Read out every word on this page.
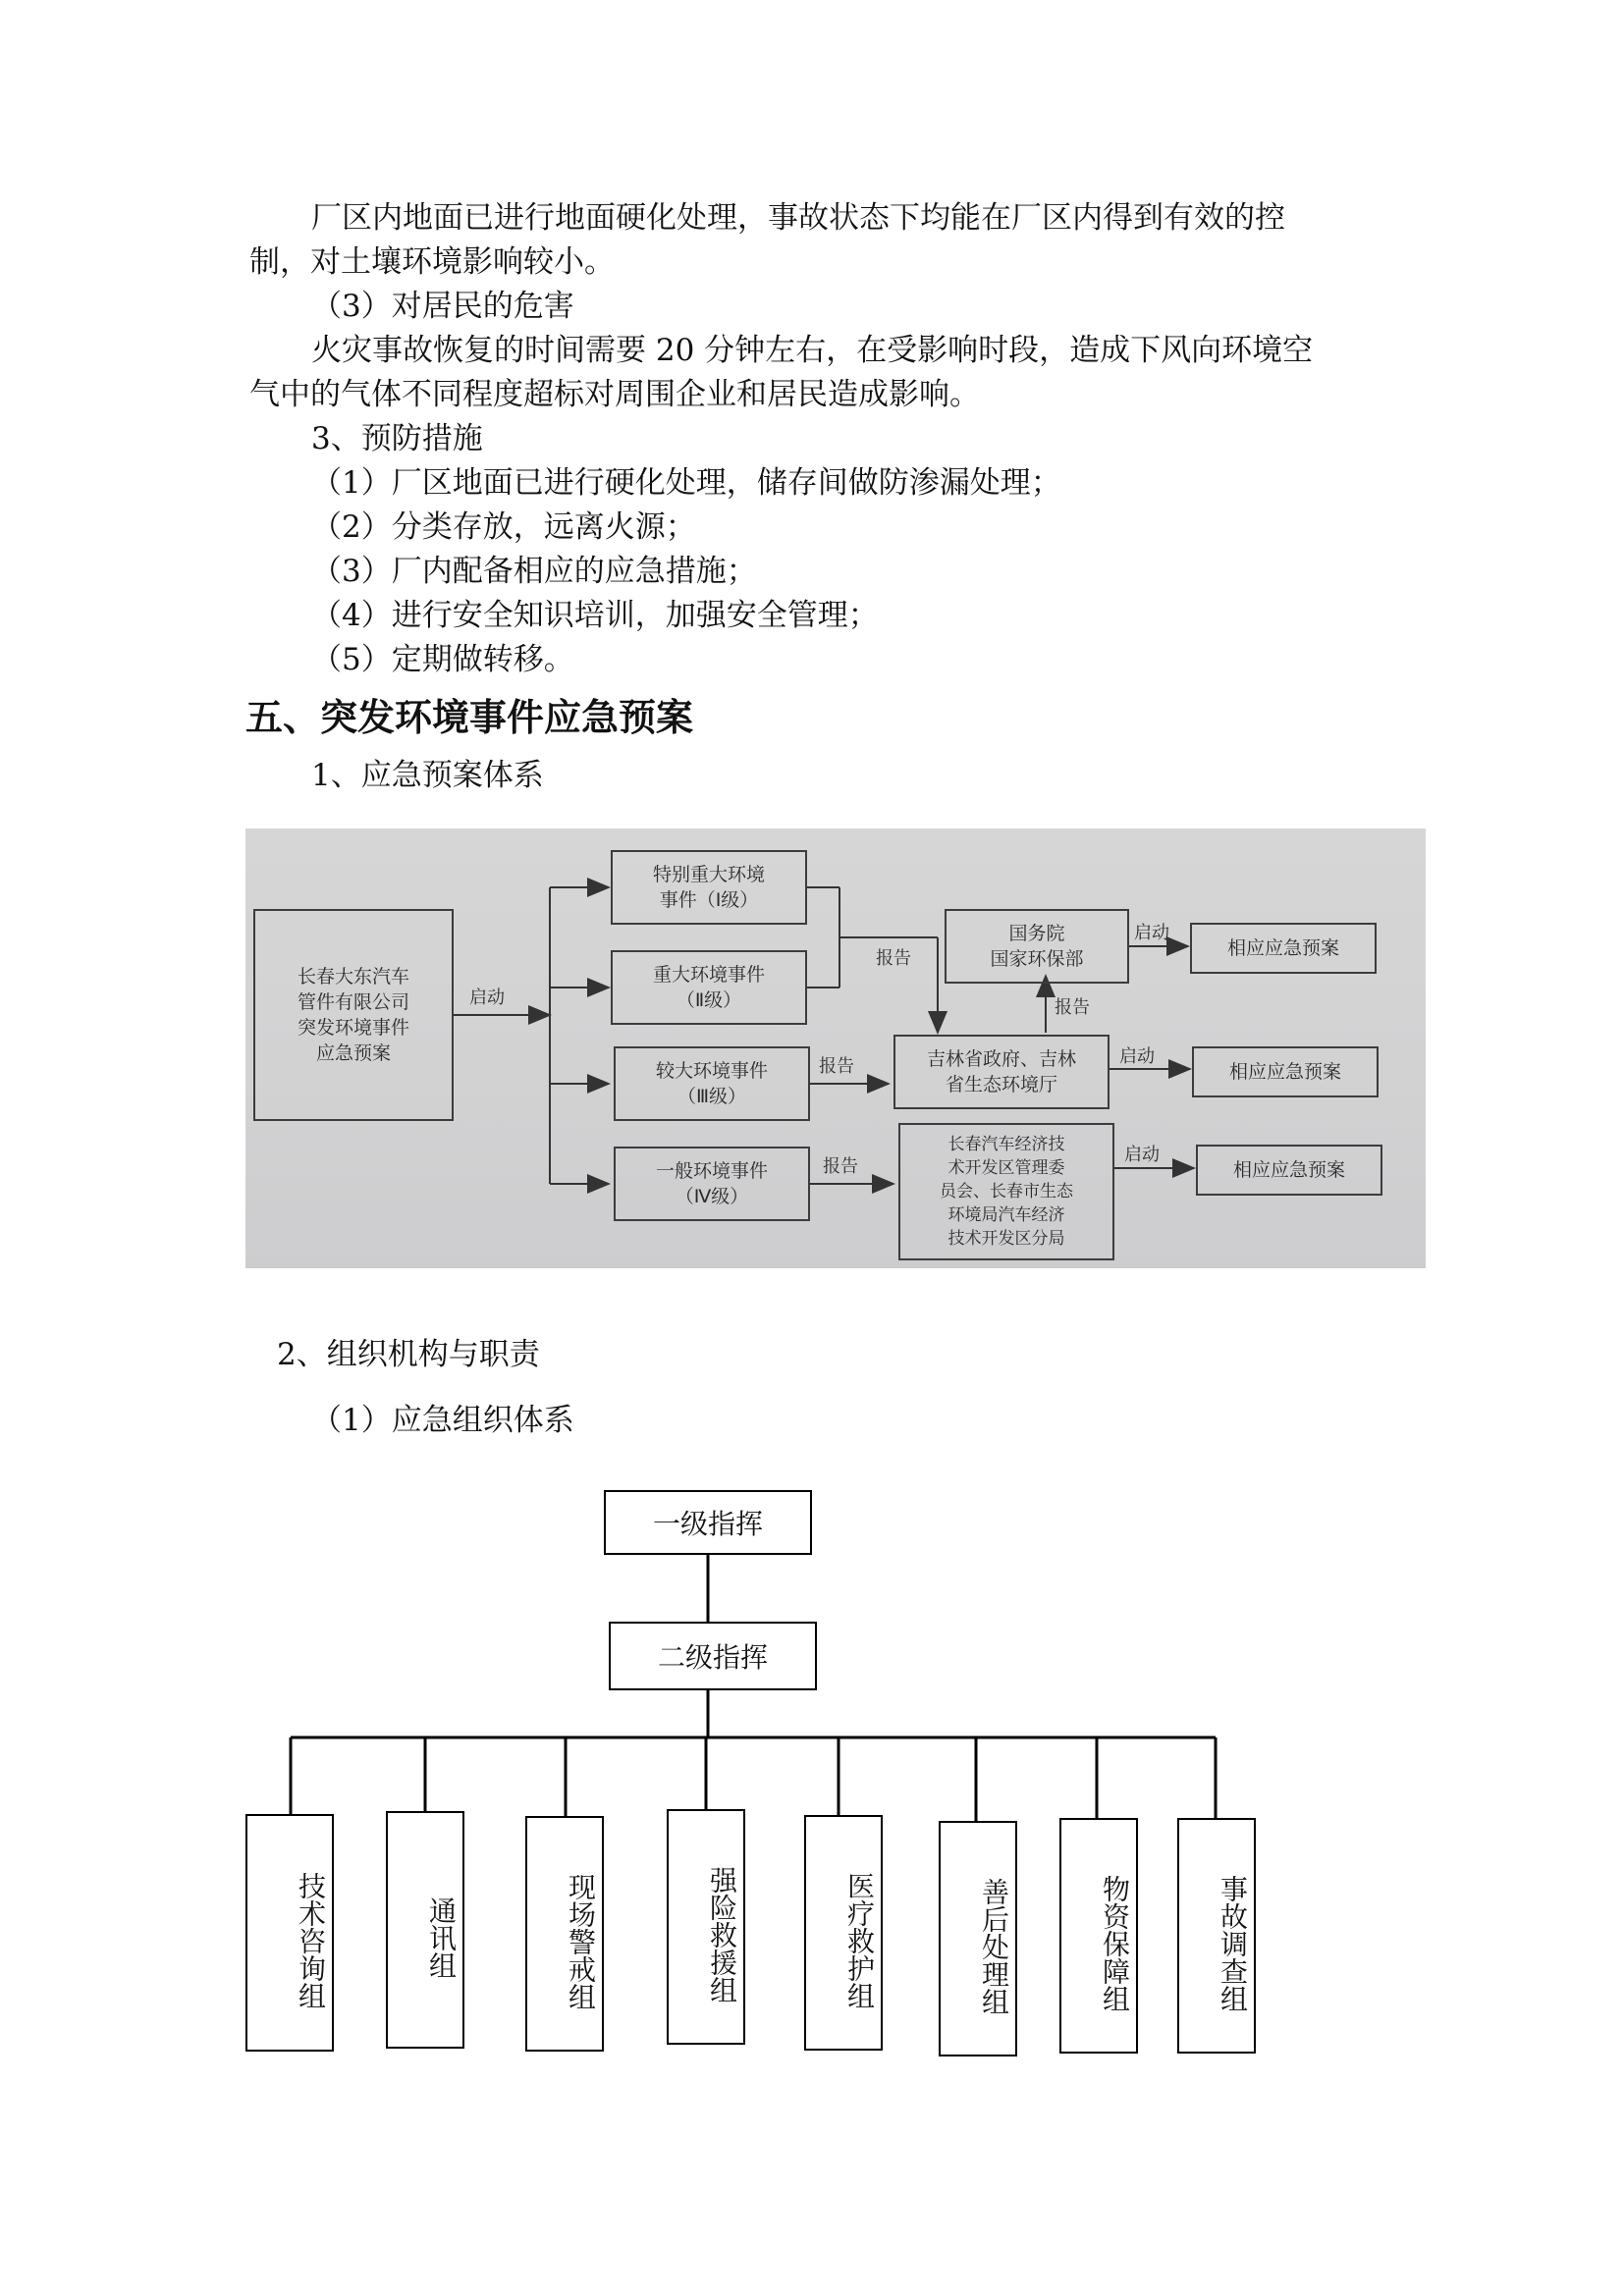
厂区内地面已进行地面硬化处理，事故状态下均能在厂区内得到有效的控
制，对土壤环境影响较小。
（3）对居民的危害
火灾事故恢复的时间需要 20 分钟左右，在受影响时段，造成下风向环境空
气中的气体不同程度超标对周围企业和居民造成影响。
3、预防措施
（1）厂区地面已进行硬化处理，储存间做防渗漏处理；
（2）分类存放，远离火源；
（3）厂内配备相应的应急措施；
（4）进行安全知识培训，加强安全管理；
（5）定期做转移。
五、突发环境事件应急预案
1、应急预案体系
长春大东汽车
管件有限公司
突发环境事件
应急预案
启动
特别重大环境
事件（Ⅰ级）
重大环境事件
（Ⅱ级）
较大环境事件
（Ⅲ级）
一般环境事件
（Ⅳ级）
报告
报告
报告
报告
国务院
国家环保部
吉林省政府、吉林
省生态环境厅
长春汽车经济技
术开发区管理委
员会、长春市生态
环境局汽车经济
技术开发区分局
启动
启动
启动
相应应急预案
相应应急预案
相应应急预案
2、组织机构与职责
（1）应急组织体系
一级指挥
二级指挥
技术咨询组	通讯组	现场警戒组	强险救援组	医疗救护组	善后处理组	物资保障组	事故调查组
